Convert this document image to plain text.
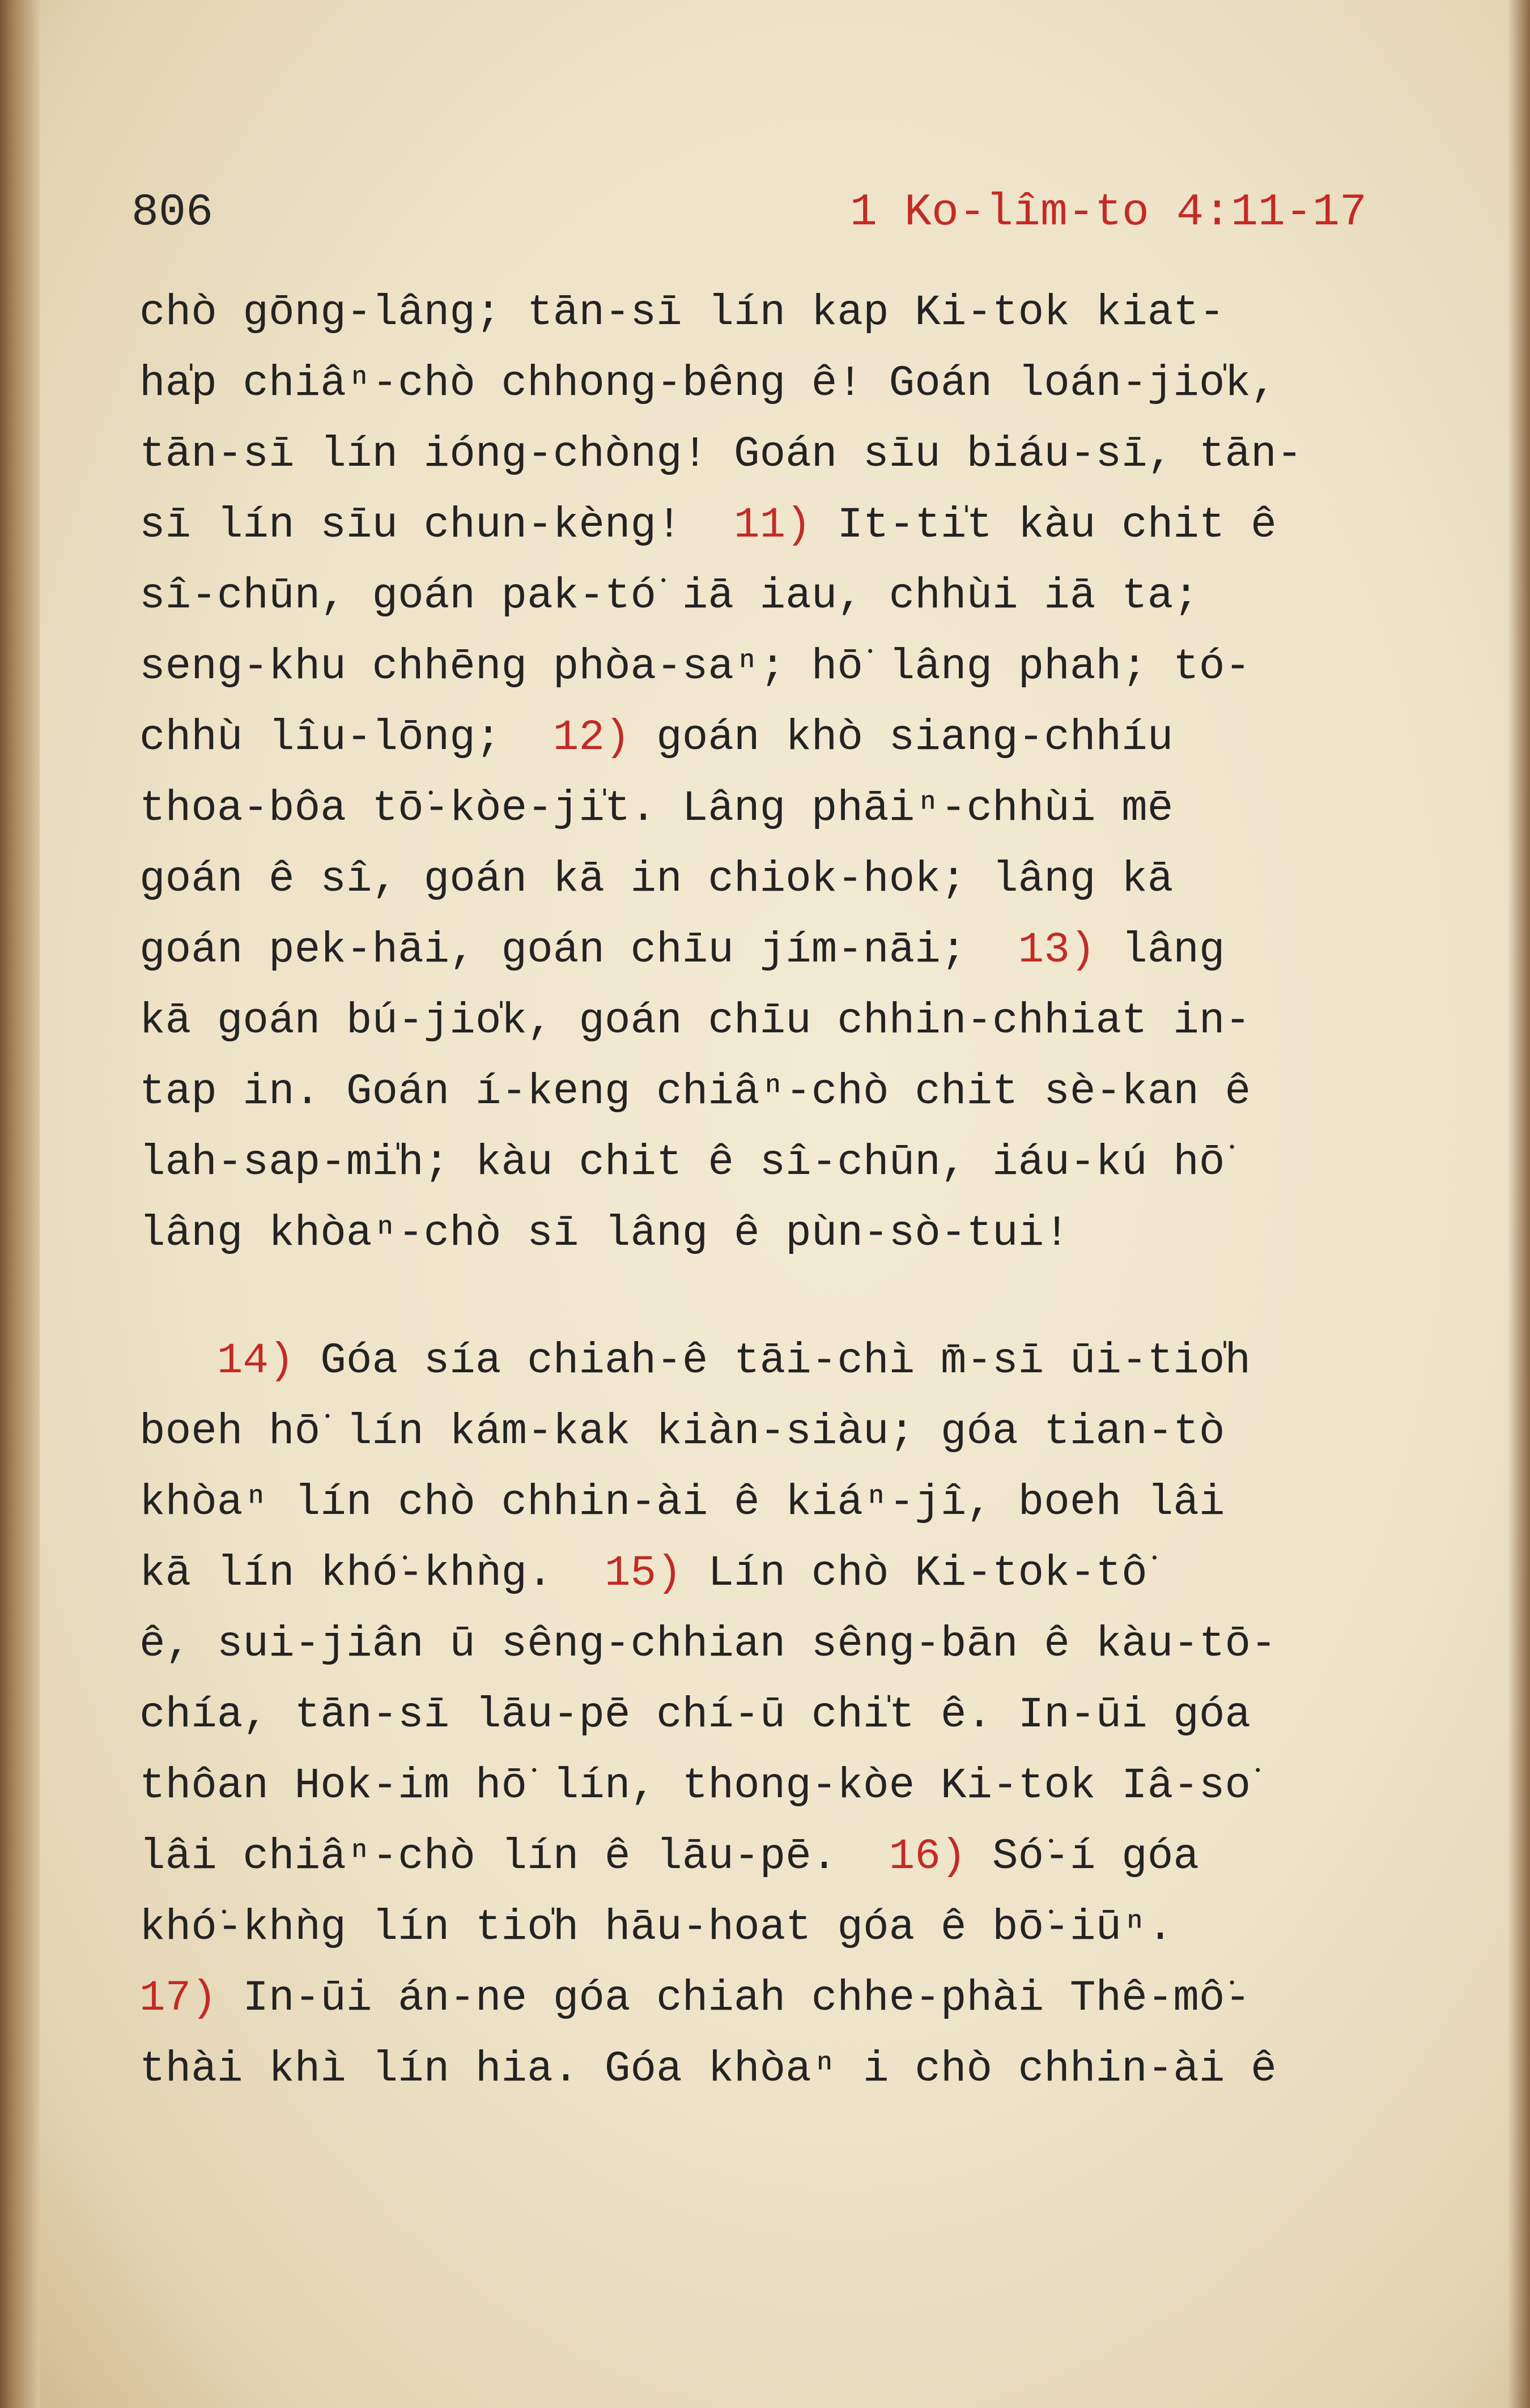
806	1 Ko-lîm-to 4:11-17
chò gōng-lâng; tān-sī lín kap Ki-tok kiat-
ha̍p chiâⁿ-chò chhong-bêng ê! Goán loán-jio̍k,
tān-sī lín ióng-chòng! Goán sīu biáu-sī, tān-
sī lín sīu chun-kèng!  11) It-ti̍t kàu chit ê
sî-chūn, goán pak-tó͘ iā iau, chhùi iā ta;
seng-khu chhēng phòa-saⁿ; hō͘ lâng phah; tó-
chhù lîu-lōng;  12) goán khò siang-chhíu
thoa-bôa tō͘-kòe-ji̍t. Lâng phāiⁿ-chhùi mē
goán ê sî, goán kā in chiok-hok; lâng kā
goán pek-hāi, goán chīu jím-nāi;  13) lâng
kā goán bú-jio̍k, goán chīu chhin-chhiat in-
tap in. Goán í-keng chiâⁿ-chò chit sè-kan ê
lah-sap-mi̍h; kàu chit ê sî-chūn, iáu-kú hō͘
lâng khòaⁿ-chò sī lâng ê pùn-sò-tui!
14) Góa sía chiah-ê tāi-chì m̄-sī ūi-tio̍h
boeh hō͘ lín kám-kak kiàn-siàu; góa tian-tò
khòaⁿ lín chò chhin-ài ê kiáⁿ-jî, boeh lâi
kā lín khó͘-khǹg.  15) Lín chò Ki-tok-tô͘
ê, sui-jiân ū sêng-chhian sêng-bān ê kàu-tō-
chía, tān-sī lāu-pē chí-ū chi̍t ê. In-ūi góa
thôan Hok-im hō͘ lín, thong-kòe Ki-tok Iâ-so͘
lâi chiâⁿ-chò lín ê lāu-pē.  16) Só͘-í góa
khó͘-khǹg lín tio̍h hāu-hoat góa ê bō͘-iūⁿ.
17) In-ūi án-ne góa chiah chhe-phài Thê-mô͘-
thài khì lín hia. Góa khòaⁿ i chò chhin-ài ê
